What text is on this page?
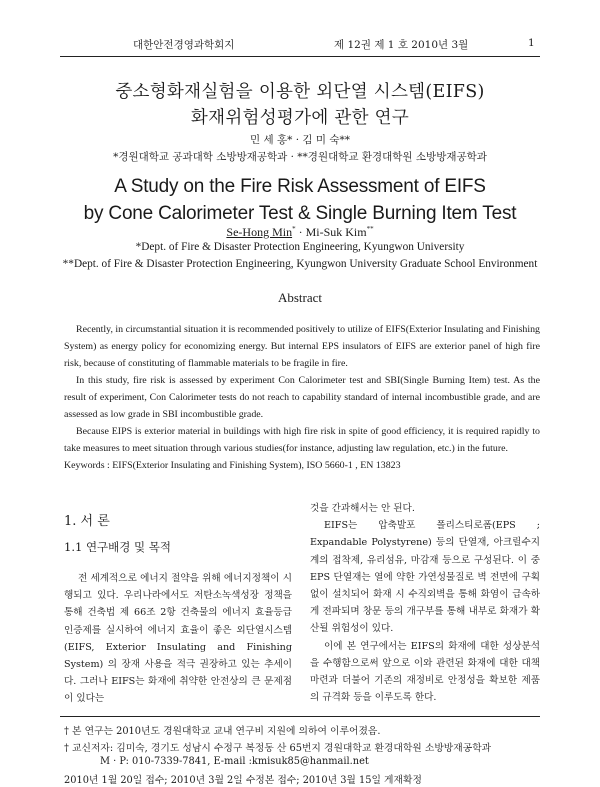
대한안전경영과학회지	제 12권 제 1 호 2010년 3월	1
중소형화재실험을 이용한 외단열 시스템(EIFS)
화재위험성평가에 관한 연구
민 세 홍* · 김 미 숙**
*경원대학교 공과대학 소방방재공학과 · **경원대학교 환경대학원 소방방재공학과
A Study on the Fire Risk Assessment of EIFS
by Cone Calorimeter Test & Single Burning Item Test
Se-Hong Min* · Mi-Suk Kim**
*Dept. of Fire & Disaster Protection Engineering, Kyungwon University
**Dept. of Fire & Disaster Protection Engineering, Kyungwon University Graduate School Environment
Abstract

Recently, in circumstantial situation it is recommended positively to utilize of EIFS(Exterior Insulating and Finishing System) as energy policy for economizing energy. But internal EPS insulators of EIFS are exterior panel of high fire risk, because of constituting of flammable materials to be fragile in fire.

In this study, fire risk is assessed by experiment Con Calorimeter test and SBI(Single Burning Item) test. As the result of experiment, Con Calorimeter tests do not reach to capability standard of internal incombustible grade, and are assessed as low grade in SBI incombustible grade.

Because EIPS is exterior material in buildings with high fire risk in spite of good efficiency, it is required rapidly to take measures to meet situation through various studies(for instance, adjusting law regulation, etc.) in the future.

Keywords : EIFS(Exterior Insulating and Finishing System), ISO 5660-1 , EN 13823

1. 서 론
1.1 연구배경 및 목적

전 세계적으로 에너지 절약을 위해 에너지정책이 시행되고 있다. 우리나라에서도 저탄소녹색성장 정책을 통해 건축법 제 66조 2항 건축물의 에너지 효율등급 인증제를 실시하여 에너지 효율이 좋은 외단열시스템(EIFS, Exterior Insulating and Finishing System) 의 장재 사용을 적극 권장하고 있는 추세이다. 그러나 EIFS는 화재에 취약한 안전상의 큰 문제점이 있다는

것을 간과해서는 안 된다.

EIFS는 압축발포 폴리스티로폼(EPS ; Expandable Polystyrene) 등의 단열재, 아크릴수지계의 접착제, 유리섬유, 마감재 등으로 구성된다. 이 중 EPS 단열재는 열에 약한 가연성물질로 벽 전면에 구획없이 설치되어 화재 시 수직외벽을 통해 화염이 급속하게 전파되며 창문 등의 개구부를 통해 내부로 화재가 확산될 위험성이 있다.

이에 본 연구에서는 EIFS의 화재에 대한 성상분석을 수행함으로써 앞으로 이와 관련된 화재에 대한 대책마련과 더불어 기존의 재정비로 안정성을 확보한 제품의 규격화 등을 이루도록 한다.

† 본 연구는 2010년도 경원대학교 교내 연구비 지원에 의하여 이루어졌음.
† 교신저자: 김미숙, 경기도 성남시 수정구 복정동 산 65번지 경원대학교 환경대학원 소방방재공학과
M · P: 010-7339-7841, E-mail :kmisuk85@hanmail.net
2010년 1월 20일 접수; 2010년 3월 2일 수정본 접수; 2010년 3월 15일 게재확정
